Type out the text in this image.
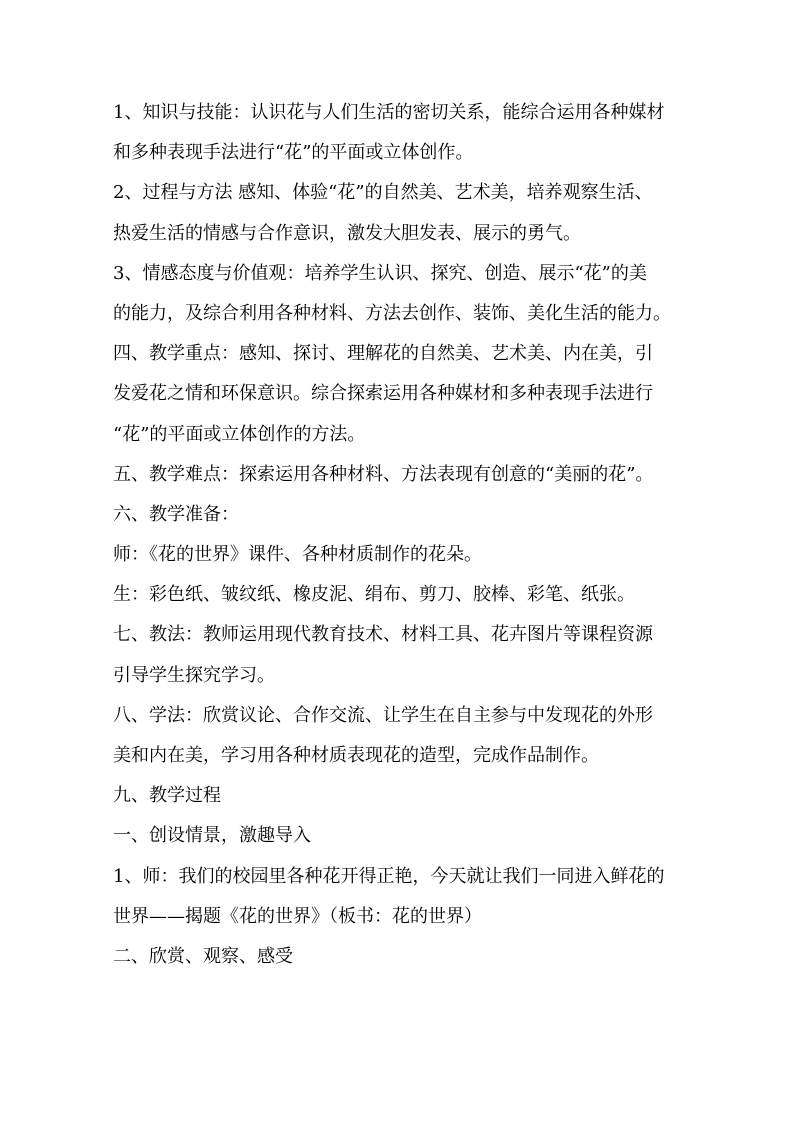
1、知识与技能：认识花与人们生活的密切关系，能综合运用各种媒材
和多种表现手法进行“花”的平面或立体创作。
2、过程与方法 感知、体验“花”的自然美、艺术美，培养观察生活、
热爱生活的情感与合作意识，激发大胆发表、展示的勇气。
3、情感态度与价值观：培养学生认识、探究、创造、展示“花”的美
的能力，及综合利用各种材料、方法去创作、装饰、美化生活的能力。
四、教学重点：感知、探讨、理解花的自然美、艺术美、内在美，引
发爱花之情和环保意识。综合探索运用各种媒材和多种表现手法进行
“花”的平面或立体创作的方法。
五、教学难点：探索运用各种材料、方法表现有创意的“美丽的花”。
六、教学准备：
师：《花的世界》课件、各种材质制作的花朵。
生：彩色纸、皱纹纸、橡皮泥、绢布、剪刀、胶棒、彩笔、纸张。
七、教法：教师运用现代教育技术、材料工具、花卉图片等课程资源
引导学生探究学习。
八、学法：欣赏议论、合作交流、让学生在自主参与中发现花的外形
美和内在美，学习用各种材质表现花的造型，完成作品制作。
九、教学过程
一、创设情景，激趣导入
1、师：我们的校园里各种花开得正艳，今天就让我们一同进入鲜花的
世界——揭题《花的世界》（板书：花的世界）
二、欣赏、观察、感受
